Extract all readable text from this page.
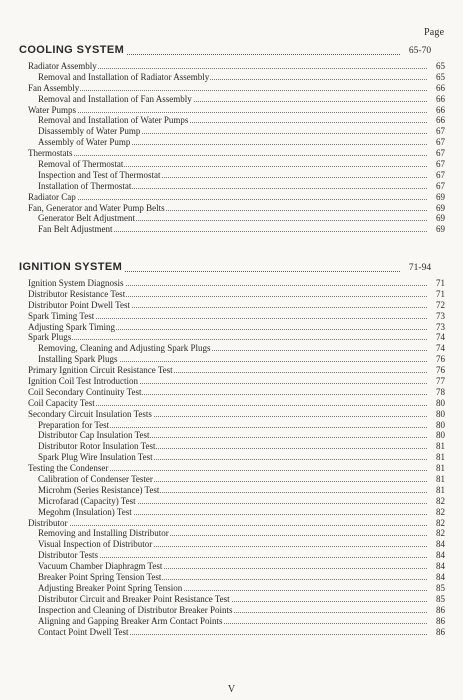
Page
COOLING SYSTEM	65-70
Radiator Assembly	65
Removal and Installation of Radiator Assembly	65
Fan Assembly	66
Removal and Installation of Fan Assembly	66
Water Pumps	66
Removal and Installation of Water Pumps	66
Disassembly of Water Pump	67
Assembly of Water Pump	67
Thermostats	67
Removal of Thermostat	67
Inspection and Test of Thermostat	67
Installation of Thermostat	67
Radiator Cap	69
Fan, Generator and Water Pump Belts	69
Generator Belt Adjustment	69
Fan Belt Adjustment	69
IGNITION SYSTEM	71-94
Ignition System Diagnosis	71
Distributor Resistance Test	71
Distributor Point Dwell Test	72
Spark Timing Test	73
Adjusting Spark Timing	73
Spark Plugs	74
Removing, Cleaning and Adjusting Spark Plugs	74
Installing Spark Plugs	76
Primary Ignition Circuit Resistance Test	76
Ignition Coil Test Introduction	77
Coil Secondary Continuity Test	78
Coil Capacity Test	80
Secondary Circuit Insulation Tests	80
Preparation for Test	80
Distributor Cap Insulation Test	80
Distributor Rotor Insulation Test	81
Spark Plug Wire Insulation Test	81
Testing the Condenser	81
Calibration of Condenser Tester	81
Microhm (Series Resistance) Test	81
Microfarad (Capacity) Test	82
Megohm (Insulation) Test	82
Distributor	82
Removing and Installing Distributor	82
Visual Inspection of Distributor	84
Distributor Tests	84
Vacuum Chamber Diaphragm Test	84
Breaker Point Spring Tension Test	84
Adjusting Breaker Point Spring Tension	85
Distributor Circuit and Breaker Point Resistance Test	85
Inspection and Cleaning of Distributor Breaker Points	86
Aligning and Gapping Breaker Arm Contact Points	86
Contact Point Dwell Test	86
V
